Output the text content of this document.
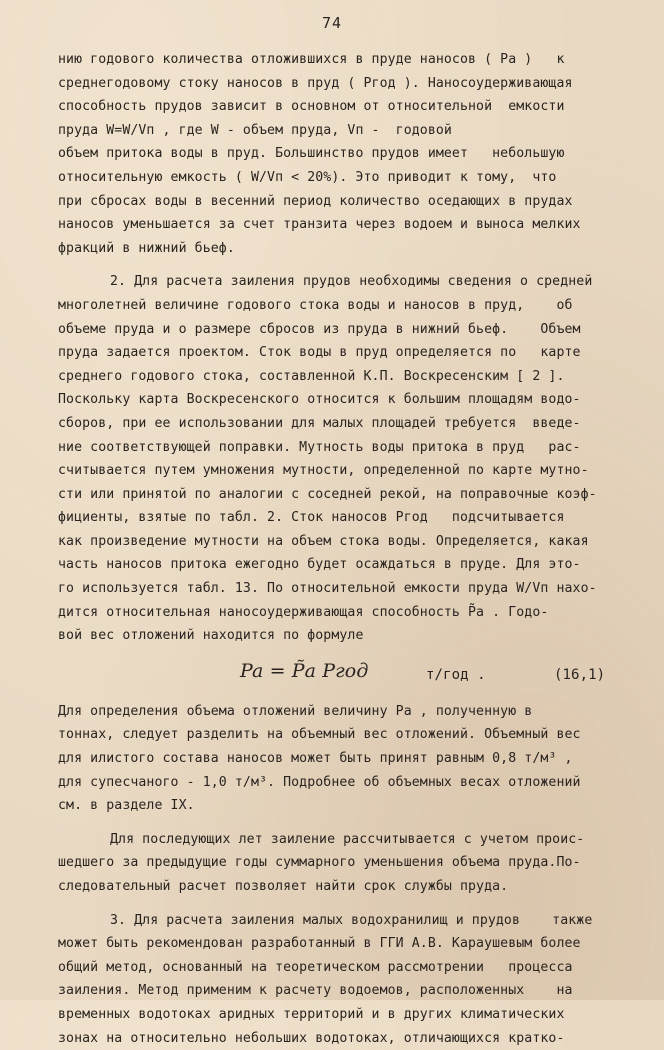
74
нию годового количества отложившихся в пруде наносов ( Pa )   к
среднегодовому стоку наносов в пруд ( Pгод ). Наносоудерживающая
способность прудов зависит в основном от относительной  емкости
пруда W=W/Vп , где W - объем пруда, Vп -  годовой
объем притока воды в пруд. Большинство прудов имеет   небольшую
относительную емкость ( W/Vп < 20%). Это приводит к тому,  что
при сбросах воды в весенний период количество оседающих в прудах
наносов уменьшается за счет транзита через водоем и выноса мелких
фракций в нижний бьеф.
2. Для расчета заиления прудов необходимы сведения о средней
многолетней величине годового стока воды и наносов в пруд,    об
объеме пруда и о размере сбросов из пруда в нижний бьеф.    Объем
пруда задается проектом. Сток воды в пруд определяется по   карте
среднего годового стока, составленной К.П. Воскресенским [ 2 ].
Поскольку карта Воскресенского относится к большим площадям водо-
сборов, при ее использовании для малых площадей требуется  введе-
ние соответствующей поправки. Мутность воды притока в пруд   рас-
считывается путем умножения мутности, определенной по карте мутно-
сти или принятой по аналогии с соседней рекой, на поправочные коэф-
фициенты, взятые по табл. 2. Сток наносов Pгод   подсчитывается
как произведение мутности на объем стока воды. Определяется, какая
часть наносов притока ежегодно будет осаждаться в пруде. Для это-
го используется табл. 13. По относительной емкости пруда W/Vп нахо-
дится относительная наносоудерживающая способность P̃a . Годо-
вой вес отложений находится по формуле
Pa = P̃a Pгод	т/год .	(16,1)
Для определения объема отложений величину Pa , полученную в
тоннах, следует разделить на объемный вес отложений. Объемный вес
для илистого состава наносов может быть принят равным 0,8 т/м³ ,
для супесчаного - 1,0 т/м³. Подробнее об объемных весах отложений
см. в разделе IX.
Для последующих лет заиление рассчитывается с учетом проис-
шедшего за предыдущие годы суммарного уменьшения объема пруда.По-
следовательный расчет позволяет найти срок службы пруда.
3. Для расчета заиления малых водохранилищ и прудов    также
может быть рекомендован разработанный в ГГИ А.В. Караушевым более
общий метод, основанный на теоретическом рассмотрении   процесса
заиления. Метод применим к расчету водоемов, расположенных    на
временных водотоках аридных территорий и в других климатических
зонах на относительно небольших водотоках, отличающихся кратко-
